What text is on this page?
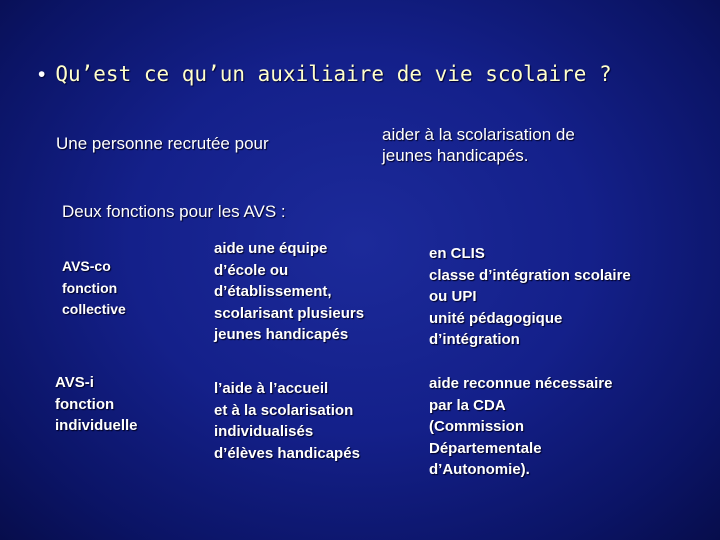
• Qu’est ce qu’un auxiliaire de vie scolaire ?
Une personne recrutée pour	aider à la scolarisation de
jeunes handicapés.
Deux fonctions pour les AVS :
AVS-co
fonction
collective
aide une équipe
d’école ou
d’établissement,
scolarisant plusieurs
jeunes handicapés
en CLIS
classe d’intégration scolaire
ou UPI
unité pédagogique
d’intégration
AVS-i
fonction
individuelle
l’aide à l’accueil
et à la scolarisation
individualisés
d’élèves handicapés
aide reconnue nécessaire
par la CDA
(Commission
Départementale
d’Autonomie).
